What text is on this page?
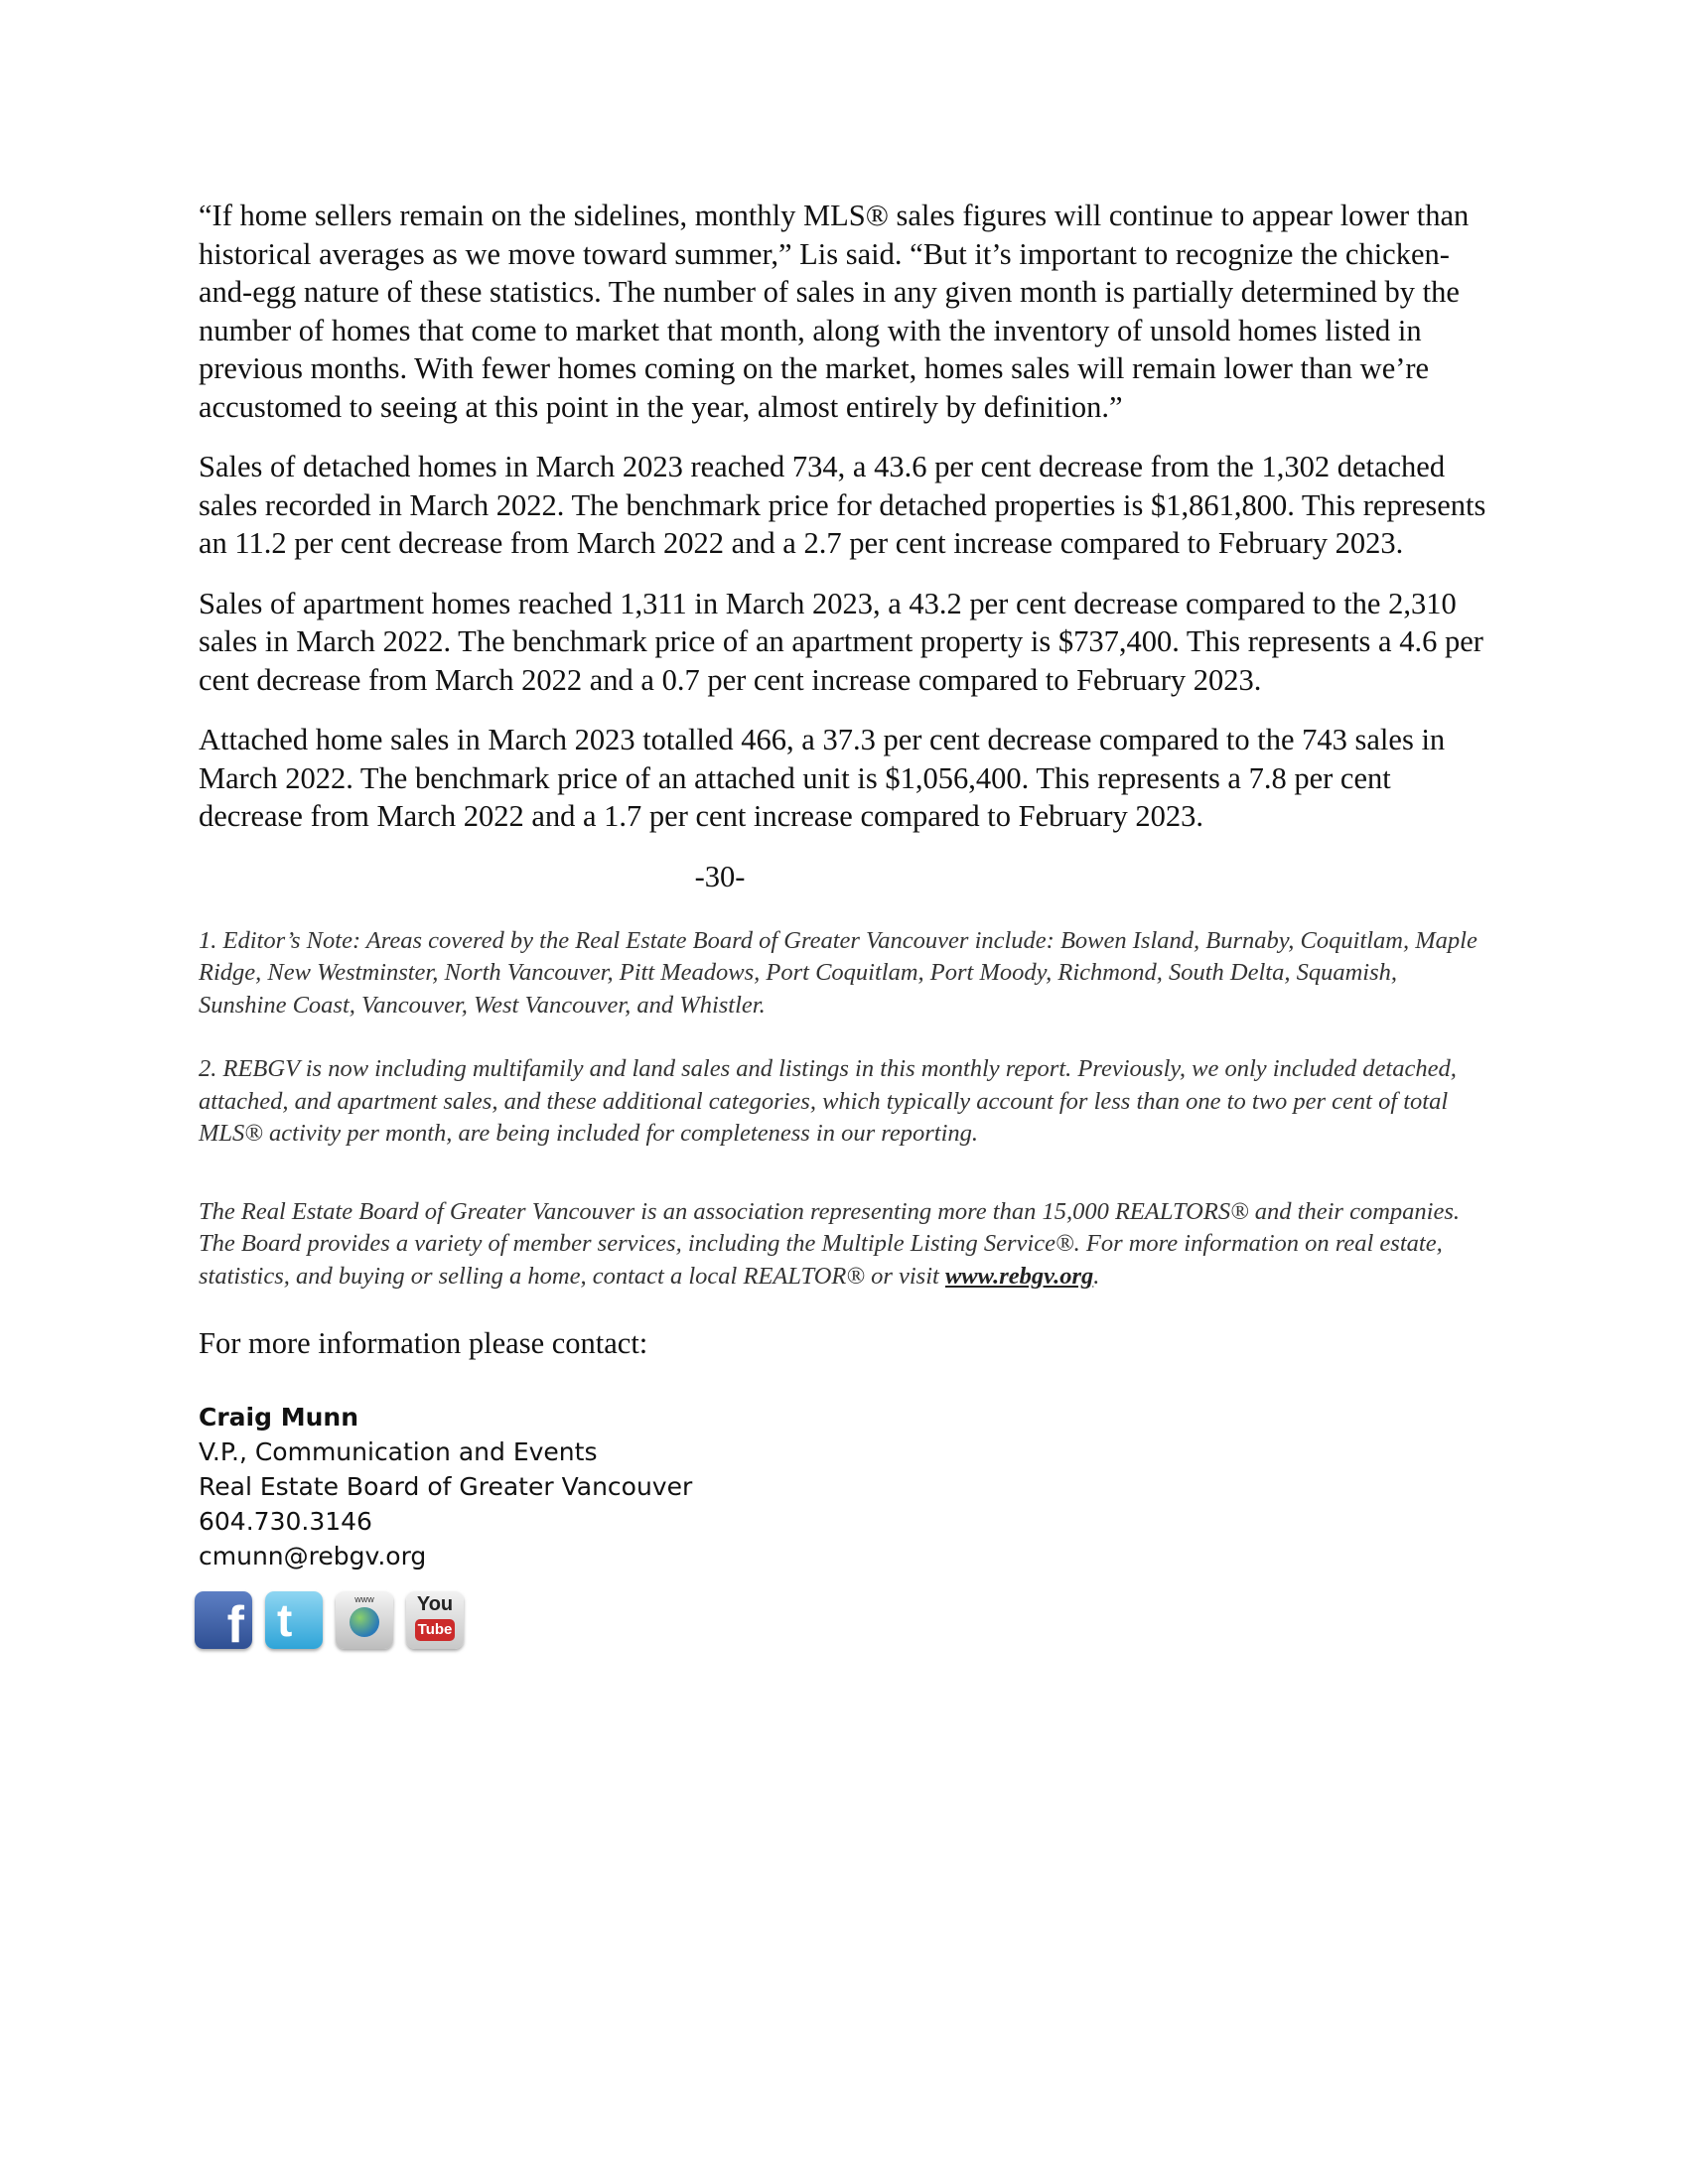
“If home sellers remain on the sidelines, monthly MLS® sales figures will continue to appear lower than historical averages as we move toward summer,” Lis said. “But it’s important to recognize the chicken-and-egg nature of these statistics. The number of sales in any given month is partially determined by the number of homes that come to market that month, along with the inventory of unsold homes listed in previous months. With fewer homes coming on the market, homes sales will remain lower than we’re accustomed to seeing at this point in the year, almost entirely by definition.”

Sales of detached homes in March 2023 reached 734, a 43.6 per cent decrease from the 1,302 detached sales recorded in March 2022. The benchmark price for detached properties is $1,861,800. This represents an 11.2 per cent decrease from March 2022 and a 2.7 per cent increase compared to February 2023.

Sales of apartment homes reached 1,311 in March 2023, a 43.2 per cent decrease compared to the 2,310 sales in March 2022. The benchmark price of an apartment property is $737,400. This represents a 4.6 per cent decrease from March 2022 and a 0.7 per cent increase compared to February 2023.

Attached home sales in March 2023 totalled 466, a 37.3 per cent decrease compared to the 743 sales in March 2022. The benchmark price of an attached unit is $1,056,400. This represents a 7.8 per cent decrease from March 2022 and a 1.7 per cent increase compared to February 2023.

-30-

1. Editor’s Note: Areas covered by the Real Estate Board of Greater Vancouver include: Bowen Island, Burnaby, Coquitlam, Maple Ridge, New Westminster, North Vancouver, Pitt Meadows, Port Coquitlam, Port Moody, Richmond, South Delta, Squamish, Sunshine Coast, Vancouver, West Vancouver, and Whistler.

2. REBGV is now including multifamily and land sales and listings in this monthly report. Previously, we only included detached, attached, and apartment sales, and these additional categories, which typically account for less than one to two per cent of total MLS® activity per month, are being included for completeness in our reporting.

The Real Estate Board of Greater Vancouver is an association representing more than 15,000 REALTORS® and their companies. The Board provides a variety of member services, including the Multiple Listing Service®. For more information on real estate, statistics, and buying or selling a home, contact a local REALTOR® or visit www.rebgv.org.

For more information please contact:
Craig Munn
V.P., Communication and Events
Real Estate Board of Greater Vancouver
604.730.3146
cmunn@rebgv.org
f t	www	You
Tube
